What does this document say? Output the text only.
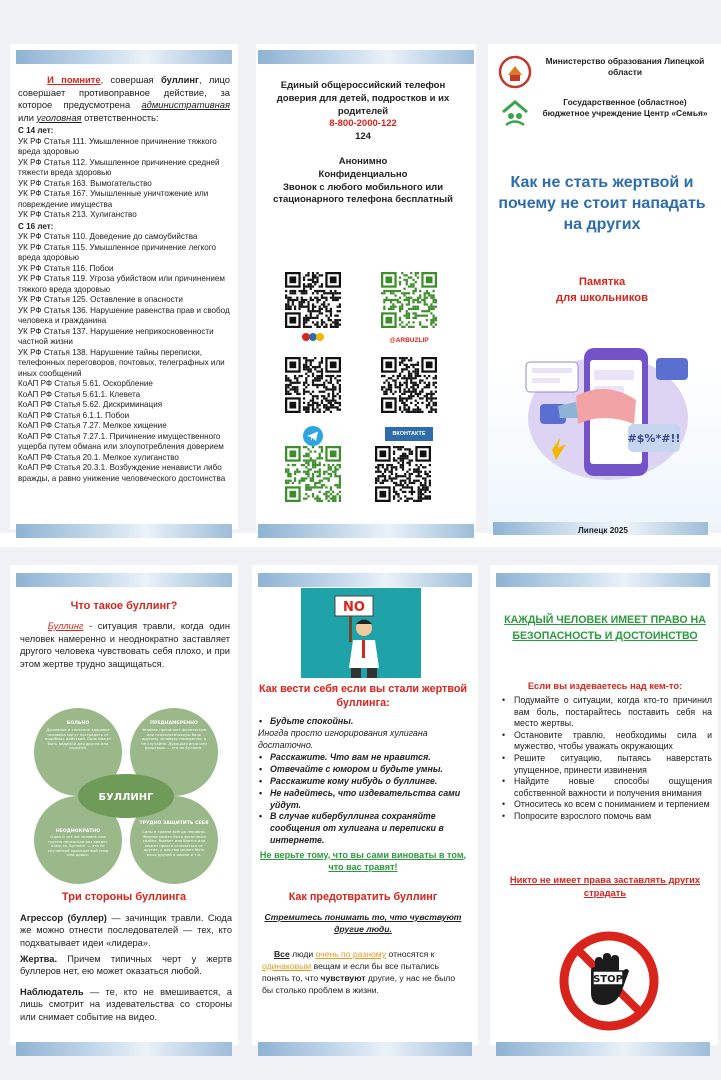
И помните, совершая буллинг, лицо совершает противоправное действие, за которое предусмотрена административная или уголовная ответственность:
С 14 лет:
УК РФ Статья 111. Умышленное причинение тяжкого вреда здоровью
УК РФ Статья 112. Умышленное причинение средней тяжести вреда здоровью
УК РФ Статья 163. Вымогательство
УК РФ Статья 167. Умышленные уничтожение или повреждение имущества
УК РФ Статья 213. Хулиганство
С 16 лет:
УК РФ Статья 110. Доведение до самоубийства
УК РФ Статья 115. Умышленное причинение легкого вреда здоровью
УК РФ Статья 116. Побои
УК РФ Статья 119. Угроза убийством или причинением тяжкого вреда здоровью
УК РФ Статья 125. Оставление в опасности
УК РФ Статья 136. Нарушение равенства прав и свобод человека и гражданина
УК РФ Статья 137. Нарушение неприкосновенности частной жизни
УК РФ Статья 138. Нарушение тайны переписки, телефонных переговоров, почтовых, телеграфных или иных сообщений
КоАП РФ Статья 5.61. Оскорбление
КоАП РФ Статья 5.61.1. Клевета
КоАП РФ Статья 5.62. Дискриминация
КоАП РФ Статья 6.1.1. Побои
КоАП РФ Статья 7.27. Мелкое хищение
КоАП РФ Статья 7.27.1. Причинение имущественного ущерба путем обмана или злоупотребления доверием
КоАП РФ Статья 20.1. Мелкое хулиганство
КоАП РФ Статья 20.3.1. Возбуждение ненависти либо вражды, а равно унижение человеческого достоинства
Единый общероссийский телефон доверия для детей, подростков и их родителей
8-800-2000-122
124
Анонимно
Конфиденциально
Звонок с любого мобильного или стационарного телефона бесплатный
@ARBUZLIP
ВКОНТАКТЕ
Министерство образования Липецкой области
Государственное (областное) бюджетное учреждение Центр «Семья»
Как не стать жертвой и почему не стоит нападать на других
Памятка
для школьников
#$%*#!!
Липецк 2025
Что такое буллинг?
Буллинг - ситуация травли, когда один человек намеренно и неоднократно заставляет другого человека чувствовать себя плохо, и при этом жертве трудно защищаться.
БУЛЛИНГ
БОЛЬНО	ПРЕДНАМЕРЕННО
НЕОДНОКРАТНО
ТРУДНО ЗАЩИТИТЬ СЕБЯ
Душевное и телесное здоровье человека могут пострадать от подобных действий. Боль может быть видимой для других или скрытой.
Человек причиняет физическую или психологическую боль другому человеку намеренно, а не случайно. Дурацкая игра или розыгрыш — это не буллинг.
Один и тот же человек или группа несколько раз вредят кому-то. Буллинг — это не случайный однократный спор или драка.
Силы в травле всегда неравны. Жертва может быть физически слабее, бывает или боятся или может просто отличаться от других; у жертвы может быть мало друзей в школе и т.п.
Три стороны буллинга
Агрессор (буллер) — зачинщик травли. Сюда же можно отнести последователей — тех, кто подхватывает идеи «лидера».
Жертва. Причем типичных черт у жертв буллеров нет, ею может оказаться любой.
Наблюдатель — те, кто не вмешивается, а лишь смотрит на издевательства со стороны или снимает событие на видео.
NO
Как вести себя если вы стали жертвой буллинга:
• Будьте спокойны.
Иногда просто игнорирования хулигана достаточно.
• Расскажите. Что вам не нравится.
• Отвечайте с юмором и будьте умны.
• Расскажите кому нибудь о буллинге.
• Не надейтесь, что издевательства сами уйдут.
• В случае кибербуллинга сохраняйте сообщения от хулигана и переписки в интернете.
Не верьте тому, что вы сами виноваты в том, что вас травят!
Как предотвратить буллинг
Стремитесь понимать то, что чувствуют другие люди.
Все люди очень по разному относятся к одинаковым вещам и если бы все пытались понять то, что чувствуют другие, у нас не было бы столько проблем в жизни.
КАЖДЫЙ ЧЕЛОВЕК ИМЕЕТ ПРАВО НА БЕЗОПАСНОСТЬ И ДОСТОИНСТВО
Если вы издеваетесь над кем-то:
• Подумайте о ситуации, когда кто-то причинил вам боль, постарайтесь поставить себя на место жертвы.
• Остановите травлю, необходимы сила и мужество, чтобы уважать окружающих
• Решите ситуацию, пытаясь наверстать упущенное, принести извинения
• Найдите новые способы ощущения собственной важности и получения внимания
• Относитесь ко всем с пониманием и терпением
• Попросите взрослого помочь вам
Никто не имеет права заставлять других страдать
STOP
